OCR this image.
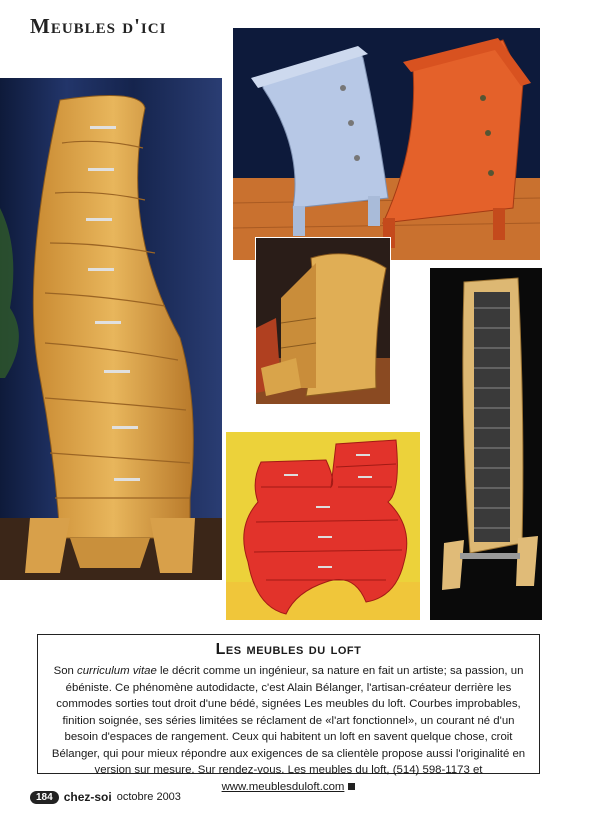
Meubles d'ici
Les meubles du loft

Son curriculum vitae le décrit comme un ingénieur, sa nature en fait un artiste; sa passion, un ébéniste. Ce phénomène autodidacte, c'est Alain Bélanger, l'artisan-créateur derrière les commodes sorties tout droit d'une bédé, signées Les meubles du loft. Courbes improbables, finition soignée, ses séries limitées se réclament de «l'art fonctionnel», un courant né d'un besoin d'espaces de rangement. Ceux qui habitent un loft en savent quelque chose, croit Bélanger, qui pour mieux répondre aux exigences de sa clientèle propose aussi l'originalité en version sur mesure. Sur rendez-vous. Les meubles du loft, (514) 598-1173 et www.meublesduloft.com

184 chez-soi octobre 2003
